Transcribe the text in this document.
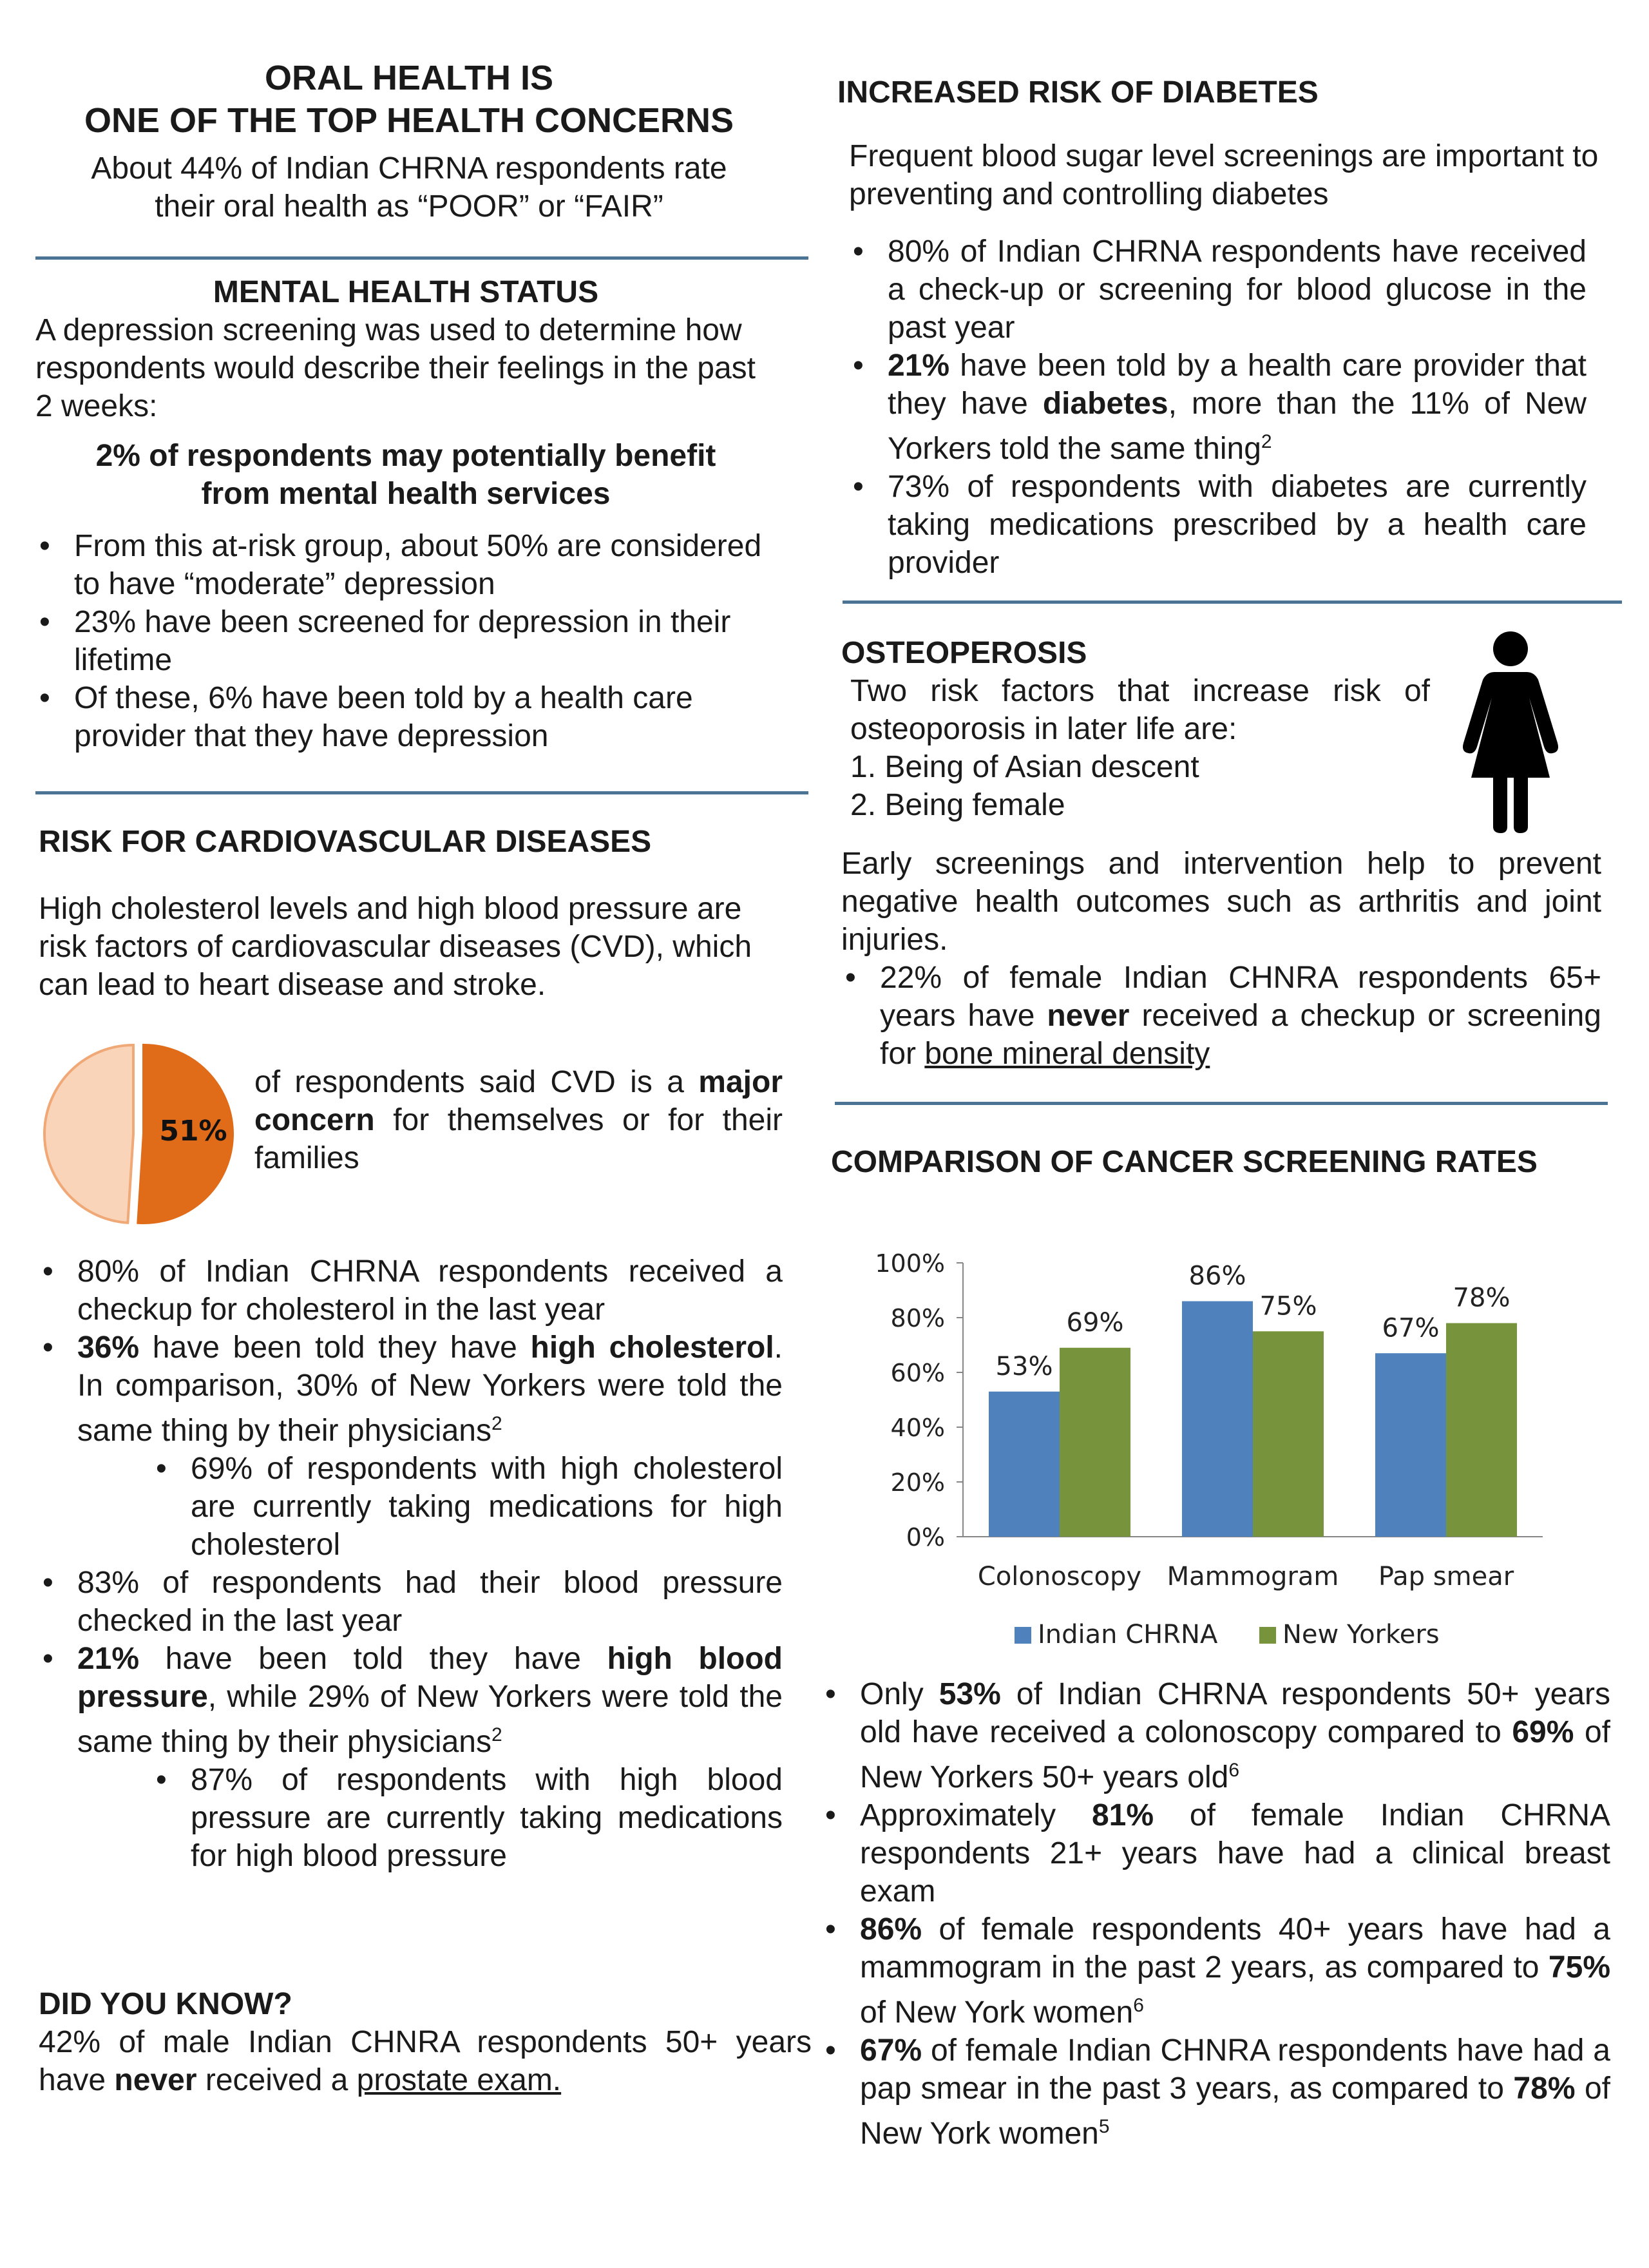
ORAL HEALTH IS

ONE OF THE TOP HEALTH CONCERNS

About 44% of Indian CHRNA respondents rate

their oral health as “POOR” or “FAIR”

MENTAL HEALTH STATUS

A depression screening was used to determine how respondents would describe their feelings in the past 2 weeks:

2% of respondents may potentially benefit from mental health services

• From this at-risk group, about 50% are considered to have “moderate” depression
• 23% have been screened for depression in their lifetime
• Of these, 6% have been told by a health care provider that they have depression

RISK FOR CARDIOVASCULAR DISEASES

High cholesterol levels and high blood pressure are risk factors of cardiovascular diseases (CVD), which can lead to heart disease and stroke.

51%

of respondents said CVD is a major concern for themselves or for their families

• 80% of Indian CHRNA respondents received a checkup for cholesterol in the last year
• 36% have been told they have high cholesterol. In comparison, 30% of New Yorkers were told the same thing by their physicians$^2$
• 69% of respondents with high cholesterol are currently taking medications for high cholesterol
• 83% of respondents had their blood pressure checked in the last year
• 21% have been told they have high blood pressure, while 29% of New Yorkers were told the same thing by their physicians$^2$
• 87% of respondents with high blood pressure are currently taking medications for high blood pressure

DID YOU KNOW?

42% of male Indian CHNRA respondents 50+ years have never received a prostate exam.

INCREASED RISK OF DIABETES

Frequent blood sugar level screenings are important to preventing and controlling diabetes

• 80% of Indian CHRNA respondents have received a check-up or screening for blood glucose in the past year
• 21% have been told by a health care provider that they have diabetes, more than the 11% of New Yorkers told the same thing$^2$
• 73% of respondents with diabetes are currently taking medications prescribed by a health care provider

OSTEOPEROSIS

Two risk factors that increase risk of osteoporosis in later life are:

1. Being of Asian descent
2. Being female

Early screenings and intervention help to prevent negative health outcomes such as arthritis and joint injuries.

• 22% of female Indian CHNRA respondents 65+ years have never received a checkup or screening for bone mineral density

COMPARISON OF CANCER SCREENING RATES

0%
20%
40%
60%
80%
100%
53%
69%
Colonoscopy
86%
75%
Mammogram
67%
78%
Pap smear
Indian CHRNA	New Yorkers
• Only 53% of Indian CHRNA respondents 50+ years old have received a colonoscopy compared to 69% of New Yorkers 50+ years old$^6$
• Approximately 81% of female Indian CHRNA respondents 21+ years have had a clinical breast exam
• 86% of female respondents 40+ years have had a mammogram in the past 2 years, as compared to 75% of New York women$^6$
• 67% of female Indian CHNRA respondents have had a pap smear in the past 3 years, as compared to 78% of New York women$^5$
